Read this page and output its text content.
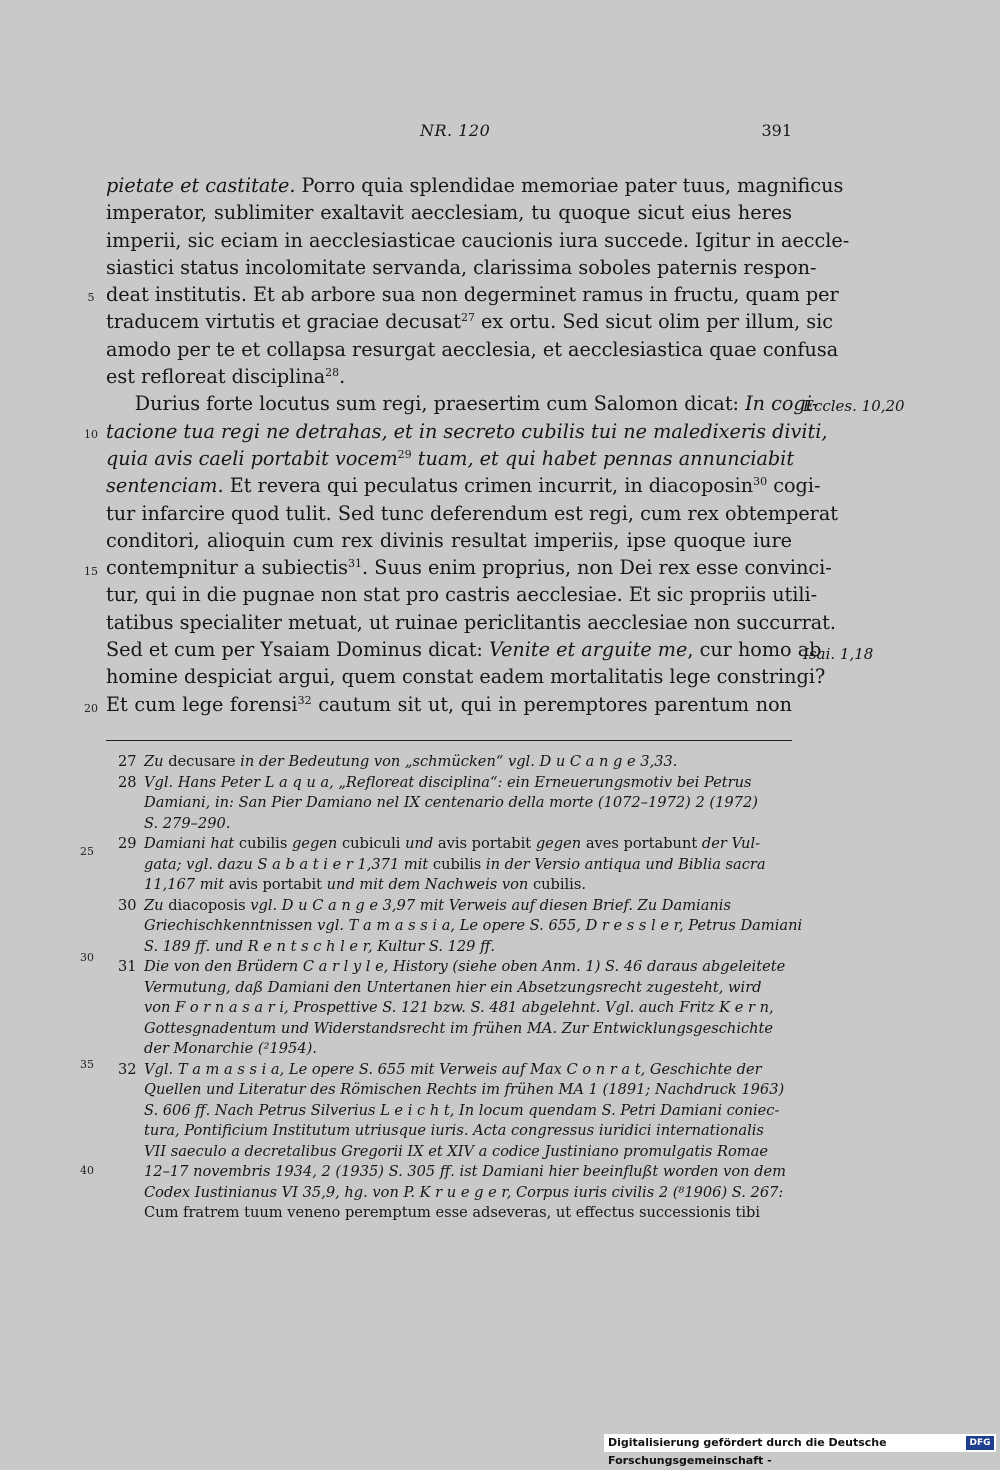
NR. 120	391
pietate et castitate. Porro quia splendidae memoriae pater tuus, magnificus
imperator, sublimiter exaltavit aecclesiam, tu quoque sicut eius heres
imperii, sic eciam in aecclesiasticae caucionis iura succede. Igitur in aeccle-
siastici status incolomitate servanda, clarissima soboles paternis respon-
deat institutis. Et ab arbore sua non degerminet ramus in fructu, quam per
traducem virtutis et graciae decusat$^{27}$ ex ortu. Sed sicut olim per illum, sic
amodo per te et collapsa resurgat aecclesia, et aecclesiastica quae confusa
est refloreat disciplina$^{28}$.
  Durius forte locutus sum regi, praesertim cum Salomon dicat: In cogi-
tacione tua regi ne detrahas, et in secreto cubilis tui ne maledixeris diviti,
quia avis caeli portabit vocem$^{29}$ tuam, et qui habet pennas annunciabit
sentenciam. Et revera qui peculatus crimen incurrit, in diacoposin$^{30}$ cogi-
tur infarcire quod tulit. Sed tunc deferendum est regi, cum rex obtemperat
conditori, alioquin cum rex divinis resultat imperiis, ipse quoque iure
contempnitur a subiectis$^{31}$. Suus enim proprius, non Dei rex esse convinci-
tur, qui in die pugnae non stat pro castris aecclesiae. Et sic propriis utili-
tatibus specialiter metuat, ut ruinae periclitantis aecclesiae non succurrat.
Sed et cum per Ysaiam Dominus dicat: Venite et arguite me, cur homo ab
homine despiciat argui, quem constat eadem mortalitatis lege constringi?
Et cum lege forensi$^{32}$ cautum sit ut, qui in peremptores parentum non
5
10
15
20
Eccles. 10,20
Isai. 1,18
27 Zu decusare in der Bedeutung von „schmücken“ vgl. D u C a n g e 3,33.
28 Vgl. Hans Peter L a q u a, „Refloreat disciplina“: ein Erneuerungsmotiv bei Petrus
Damiani, in: San Pier Damiano nel IX centenario della morte (1072–1972) 2 (1972)
S. 279–290.
29 Damiani hat cubilis gegen cubiculi und avis portabit gegen aves portabunt der Vul-
gata; vgl. dazu S a b a t i e r 1,371 mit cubilis in der Versio antiqua und Biblia sacra
11,167 mit avis portabit und mit dem Nachweis von cubilis.
30 Zu diacoposis vgl. D u C a n g e 3,97 mit Verweis auf diesen Brief. Zu Damianis
Griechischkenntnissen vgl. T a m a s s i a, Le opere S. 655, D r e s s l e r, Petrus Damiani
S. 189 ff. und R e n t s c h l e r, Kultur S. 129 ff.
31 Die von den Brüdern C a r l y l e, History (siehe oben Anm. 1) S. 46 daraus abgeleitete
Vermutung, daß Damiani den Untertanen hier ein Absetzungsrecht zugesteht, wird
von F o r n a s a r i, Prospettive S. 121 bzw. S. 481 abgelehnt. Vgl. auch Fritz K e r n,
Gottesgnadentum und Widerstandsrecht im frühen MA. Zur Entwicklungsgeschichte
der Monarchie (²1954).
32 Vgl. T a m a s s i a, Le opere S. 655 mit Verweis auf Max C o n r a t, Geschichte der
Quellen und Literatur des Römischen Rechts im frühen MA 1 (1891; Nachdruck 1963)
S. 606 ff. Nach Petrus Silverius L e i c h t, In locum quendam S. Petri Damiani coniec-
tura, Pontificium Institutum utriusque iuris. Acta congressus iuridici internationalis
VII saeculo a decretalibus Gregorii IX et XIV a codice Justiniano promulgatis Romae
12–17 novembris 1934, 2 (1935) S. 305 ff. ist Damiani hier beeinflußt worden von dem
Codex Iustinianus VI 35,9, hg. von P. K r u e g e r, Corpus iuris civilis 2 (⁸1906) S. 267:
Cum fratrem tuum veneno peremptum esse adseveras, ut effectus successionis tibi
25
30
35
40
Digitalisierung gefördert durch die Deutsche Forschungsgemeinschaft -
DFG
